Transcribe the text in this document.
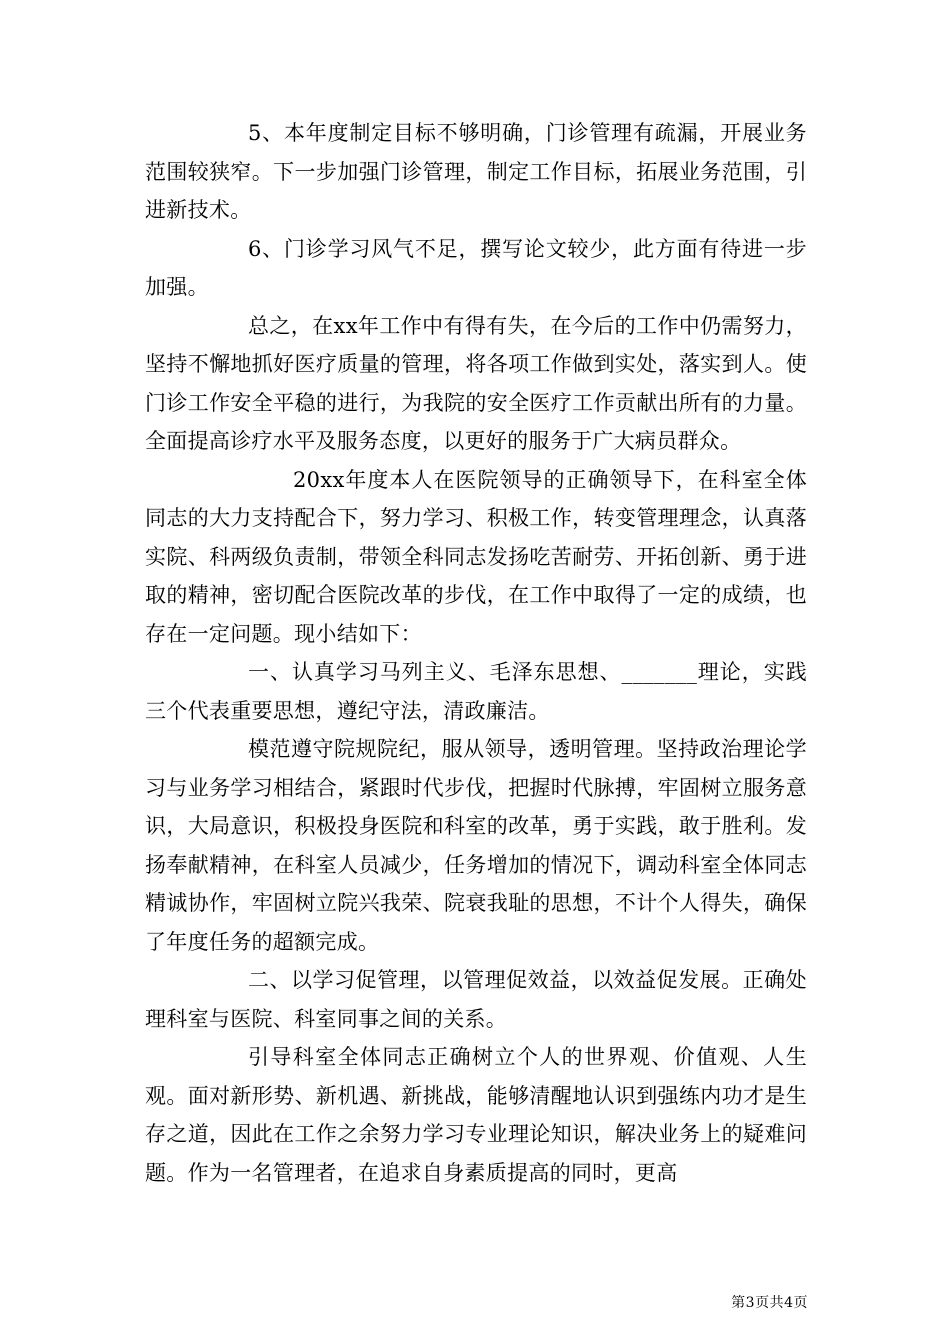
5、本年度制定目标不够明确，门诊管理有疏漏，开展业务范围较狭窄。下一步加强门诊管理，制定工作目标，拓展业务范围，引进新技术。

6、门诊学习风气不足，撰写论文较少，此方面有待进一步加强。

总之，在xx年工作中有得有失，在今后的工作中仍需努力，坚持不懈地抓好医疗质量的管理，将各项工作做到实处，落实到人。使门诊工作安全平稳的进行，为我院的安全医疗工作贡献出所有的力量。全面提高诊疗水平及服务态度，以更好的服务于广大病员群众。

20xx年度本人在医院领导的正确领导下，在科室全体同志的大力支持配合下，努力学习、积极工作，转变管理理念，认真落实院、科两级负责制，带领全科同志发扬吃苦耐劳、开拓创新、勇于进取的精神，密切配合医院改革的步伐，在工作中取得了一定的成绩，也存在一定问题。现小结如下：

一、认真学习马列主义、毛泽东思想、_______理论，实践三个代表重要思想，遵纪守法，清政廉洁。

模范遵守院规院纪，服从领导，透明管理。坚持政治理论学习与业务学习相结合，紧跟时代步伐，把握时代脉搏，牢固树立服务意识，大局意识，积极投身医院和科室的改革，勇于实践，敢于胜利。发扬奉献精神，在科室人员减少，任务增加的情况下，调动科室全体同志精诚协作，牢固树立院兴我荣、院衰我耻的思想，不计个人得失，确保了年度任务的超额完成。

二、以学习促管理，以管理促效益，以效益促发展。正确处理科室与医院、科室同事之间的关系。

引导科室全体同志正确树立个人的世界观、价值观、人生观。面对新形势、新机遇、新挑战，能够清醒地认识到强练内功才是生存之道，因此在工作之余努力学习专业理论知识，解决业务上的疑难问题。作为一名管理者，在追求自身素质提高的同时，更高

第3页共4页
